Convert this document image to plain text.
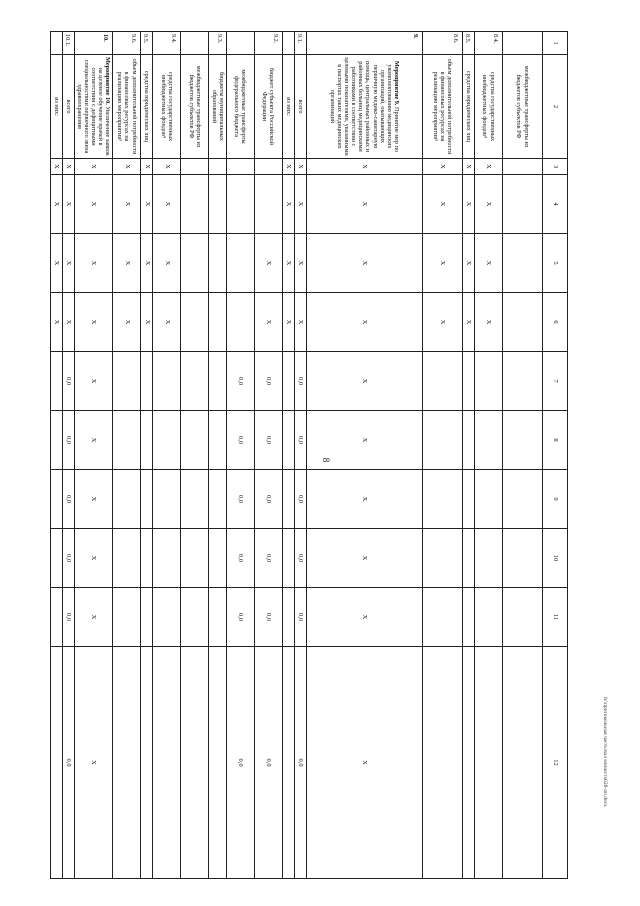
8
h:\протокольная часть\вал министа628-лп.docx
1	2	3	4	5	6	7	8	9	10	11	12	
	межбюджетные трансферты из бюджетов субъектов РФ											
8.4.	средства государственных внебюджетных фондов⁴	X	X	X	X							
8.5.	средства юридических лиц	X	X	X	X							
8.6.	объем дополнительной потребности в финансовых ресурсах на реализацию мероприятия⁵	X	X	X	X							
9.	Мероприятие 9. Принятие мер по укомплектованию медицинских организаций, оказывающих первичную медико-санитарную помощь, центральных районных и районных больниц медицинскими работниками в соответствии с целевыми показателями, указанными в паспортах таких медицинских организаций	X	X	X	X	X	X	X	X	X	X	
9.1.	всего	X	X	X	X	0,0	0,0	0,0	0,0	0,0	0,0	
	из них:	X	X	X	X							
9.2.	бюджет субъекта Российской Федерации			X	X	0,0	0,0	0,0	0,0	0,0	0,0	
	межбюджетные трансферты федерального бюджета					0,0	0,0	0,0	0,0	0,0	0,0	
9.3.	бюджеты муниципальных образований											
	межбюджетные трансферты из бюджетов субъектов РФ											
9.4.	средства государственных внебюджетных фондов⁴	X	X	X	X							
9.5.	средства юридических лиц	X	X	X	X							
9.6.	объем дополнительной потребности в финансовых ресурсах на реализацию мероприятия⁵	X	X	X	X							
10.	Мероприятие 10. Увеличение заявок на целевое обучение врачей в соответствии с дефицитными специальностями первичного звена здравоохранения	X	X	X	X	X	X	X	X	X	X	
10.1.	всего	X	X	X	X	0,0	0,0	0,0	0,0	0,0	0,0	
	из них:	X	X	X	X							
